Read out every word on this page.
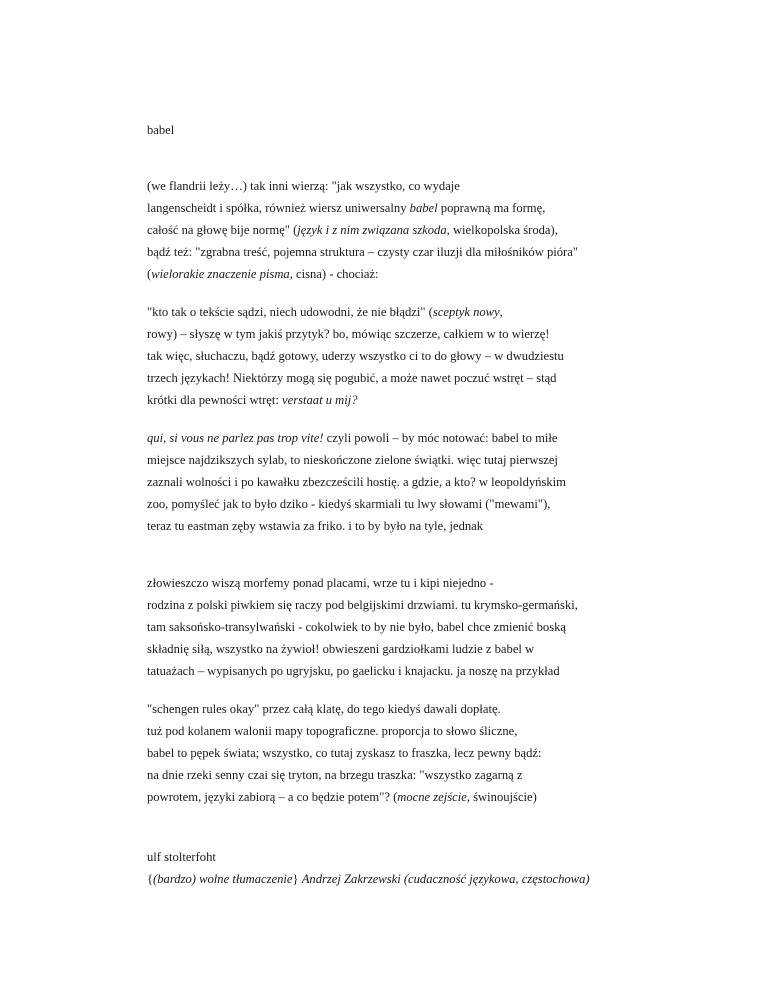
babel
(we flandrii leży…) tak inni wierzą: "jak wszystko, co wydaje
langenscheidt i spółka, również wiersz uniwersalny babel poprawną ma formę,
całość na głowę bije normę" (język i z nim związana szkoda, wielkopolska środa),
bądź też: "zgrabna treść, pojemna struktura – czysty czar iluzji dla miłośników pióra"
(wielorakie znaczenie pisma, cisna) - chociaż:
"kto tak o tekście sądzi, niech udowodni, że nie błądzi" (sceptyk nowy,
rowy) – słyszę w tym jakiś przytyk? bo, mówiąc szczerze, całkiem w to wierzę!
tak więc, słuchaczu, bądź gotowy, uderzy wszystko ci to do głowy – w dwudziestu
trzech językach! Niektórzy mogą się pogubić, a może nawet poczuć wstręt – stąd
krótki dla pewności wtręt: verstaat u mij?
qui, si vous ne parlez pas trop vite! czyli powoli – by móc notować: babel to miłe
miejsce najdzikszych sylab, to nieskończone zielone świątki. więc tutaj pierwszej
zaznali wolności i po kawałku zbezcześcili hostię. a gdzie, a kto? w leopoldyńskim
zoo, pomyśleć jak to było dziko - kiedyś skarmiali tu lwy słowami ("mewami"),
teraz tu eastman zęby wstawia za friko. i to by było na tyle, jednak
złowieszczo wiszą morfemy ponad placami, wrze tu i kipi niejedno -
rodzina z polski piwkiem się raczy pod belgijskimi drzwiami. tu krymsko-germański,
tam saksońsko-transylwański - cokolwiek to by nie było, babel chce zmienić boską
składnię siłą, wszystko na żywioł! obwieszeni gardziołkami ludzie z babel w
tatuażach – wypisanych po ugryjsku, po gaelicku i knajacku. ja noszę na przykład
"schengen rules okay" przez całą klatę, do tego kiedyś dawali dopłatę.
tuż pod kolanem walonii mapy topograficzne. proporcja to słowo śliczne,
babel to pępek świata; wszystko, co tutaj zyskasz to fraszka, lecz pewny bądź:
na dnie rzeki senny czai się tryton, na brzegu traszka: "wszystko zagarną z
powrotem, języki zabiorą – a co będzie potem"? (mocne zejście, świnoujście)
ulf stolterfoht
{(bardzo) wolne tłumaczenie} Andrzej Zakrzewski (cudaczność językowa, częstochowa)
